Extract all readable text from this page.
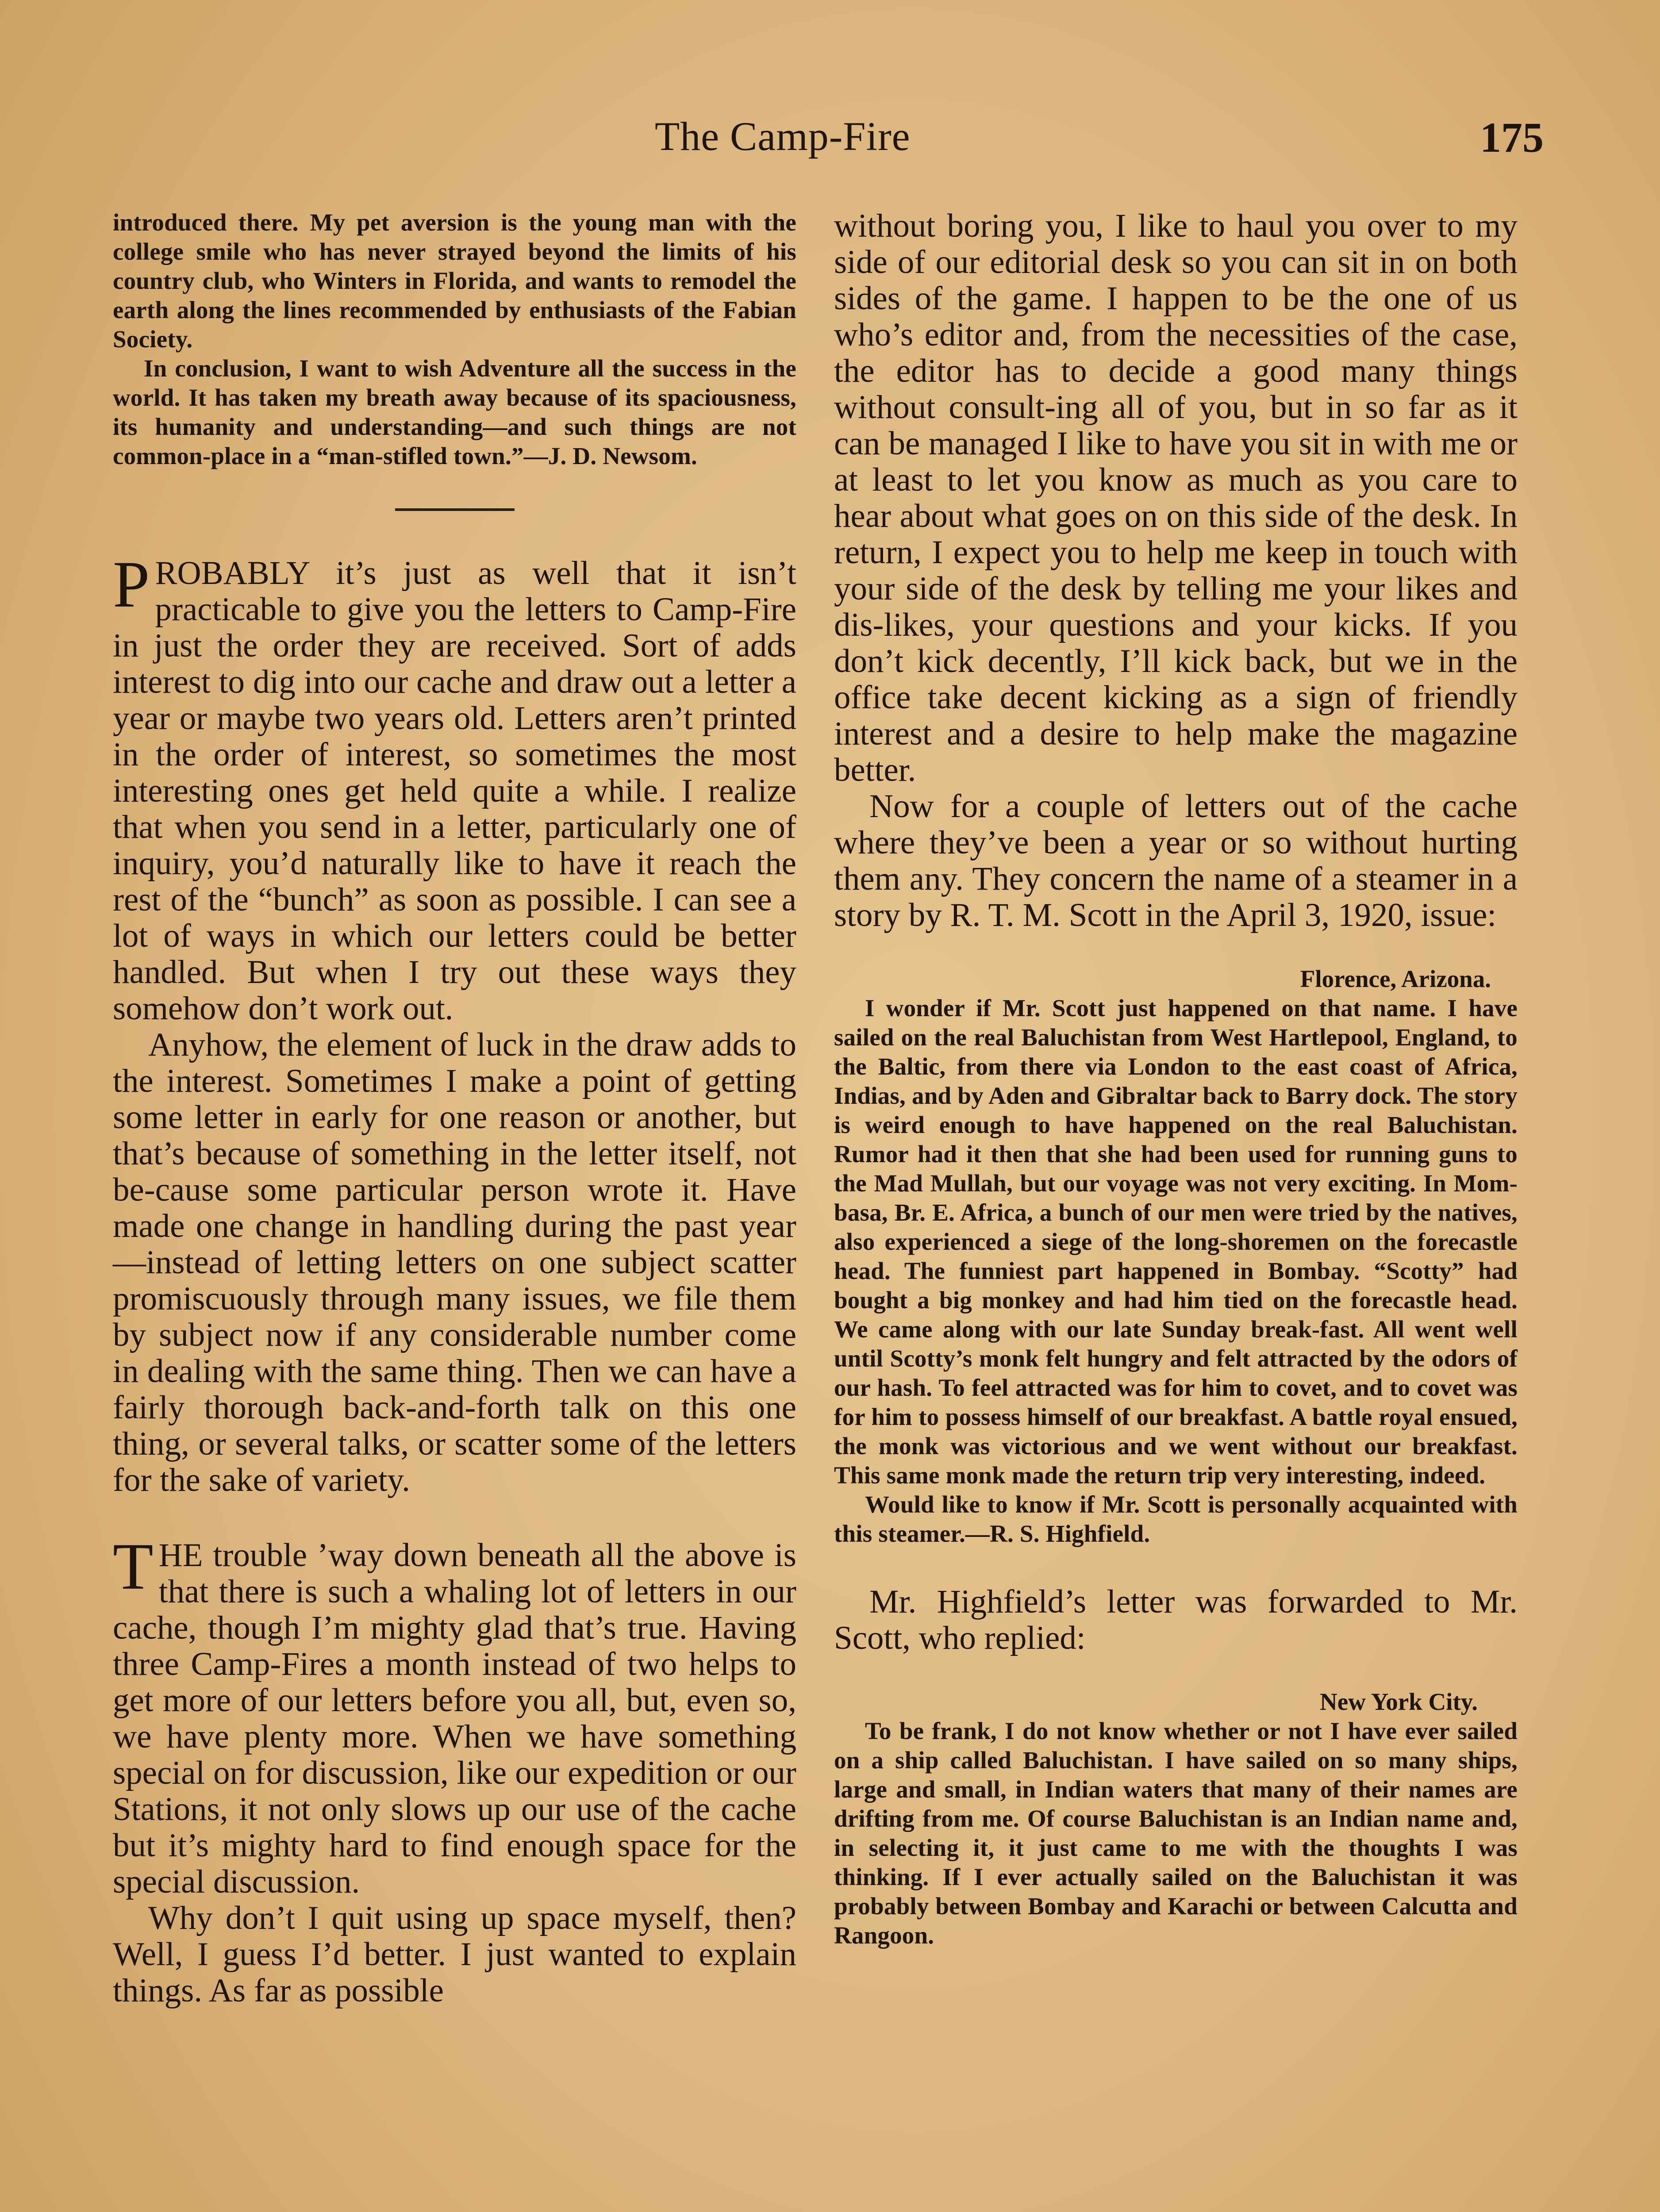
The Camp-Fire	175

introduced there. My pet aversion is the young man with the college smile who has never strayed beyond the limits of his country club, who Winters in Florida, and wants to remodel the earth along the lines recommended by enthusiasts of the Fabian Society.

In conclusion, I want to wish Adventure all the success in the world. It has taken my breath away because of its spaciousness, its humanity and understanding—and such things are not common-place in a “man-stifled town.”—J. D. Newsom.

PROBABLY it’s just as well that it isn’t practicable to give you the letters to Camp-Fire in just the order they are received. Sort of adds interest to dig into our cache and draw out a letter a year or maybe two years old. Letters aren’t printed in the order of interest, so sometimes the most interesting ones get held quite a while. I realize that when you send in a letter, particularly one of inquiry, you’d naturally like to have it reach the rest of the “bunch” as soon as possible. I can see a lot of ways in which our letters could be better handled. But when I try out these ways they somehow don’t work out.

Anyhow, the element of luck in the draw adds to the interest. Sometimes I make a point of getting some letter in early for one reason or another, but that’s because of something in the letter itself, not be-cause some particular person wrote it. Have made one change in handling during the past year—instead of letting letters on one subject scatter promiscuously through many issues, we file them by subject now if any considerable number come in dealing with the same thing. Then we can have a fairly thorough back-and-forth talk on this one thing, or several talks, or scatter some of the letters for the sake of variety.

THE trouble ’way down beneath all the above is that there is such a whaling lot of letters in our cache, though I’m mighty glad that’s true. Having three Camp-Fires a month instead of two helps to get more of our letters before you all, but, even so, we have plenty more. When we have something special on for discussion, like our expedition or our Stations, it not only slows up our use of the cache but it’s mighty hard to find enough space for the special discussion.

Why don’t I quit using up space myself, then? Well, I guess I’d better. I just wanted to explain things. As far as possible

without boring you, I like to haul you over to my side of our editorial desk so you can sit in on both sides of the game. I happen to be the one of us who’s editor and, from the necessities of the case, the editor has to decide a good many things without consult-ing all of you, but in so far as it can be managed I like to have you sit in with me or at least to let you know as much as you care to hear about what goes on on this side of the desk. In return, I expect you to help me keep in touch with your side of the desk by telling me your likes and dis-likes, your questions and your kicks. If you don’t kick decently, I’ll kick back, but we in the office take decent kicking as a sign of friendly interest and a desire to help make the magazine better.

Now for a couple of letters out of the cache where they’ve been a year or so without hurting them any. They concern the name of a steamer in a story by R. T. M. Scott in the April 3, 1920, issue:

Florence, Arizona.

I wonder if Mr. Scott just happened on that name. I have sailed on the real Baluchistan from West Hartlepool, England, to the Baltic, from there via London to the east coast of Africa, Indias, and by Aden and Gibraltar back to Barry dock. The story is weird enough to have happened on the real Baluchistan. Rumor had it then that she had been used for running guns to the Mad Mullah, but our voyage was not very exciting. In Mom-basa, Br. E. Africa, a bunch of our men were tried by the natives, also experienced a siege of the long-shoremen on the forecastle head. The funniest part happened in Bombay. “Scotty” had bought a big monkey and had him tied on the forecastle head. We came along with our late Sunday break-fast. All went well until Scotty’s monk felt hungry and felt attracted by the odors of our hash. To feel attracted was for him to covet, and to covet was for him to possess himself of our breakfast. A battle royal ensued, the monk was victorious and we went without our breakfast. This same monk made the return trip very interesting, indeed.

Would like to know if Mr. Scott is personally acquainted with this steamer.—R. S. Highfield.

Mr. Highfield’s letter was forwarded to Mr. Scott, who replied:

New York City.

To be frank, I do not know whether or not I have ever sailed on a ship called Baluchistan. I have sailed on so many ships, large and small, in Indian waters that many of their names are drifting from me. Of course Baluchistan is an Indian name and, in selecting it, it just came to me with the thoughts I was thinking. If I ever actually sailed on the Baluchistan it was probably between Bombay and Karachi or between Calcutta and Rangoon.
